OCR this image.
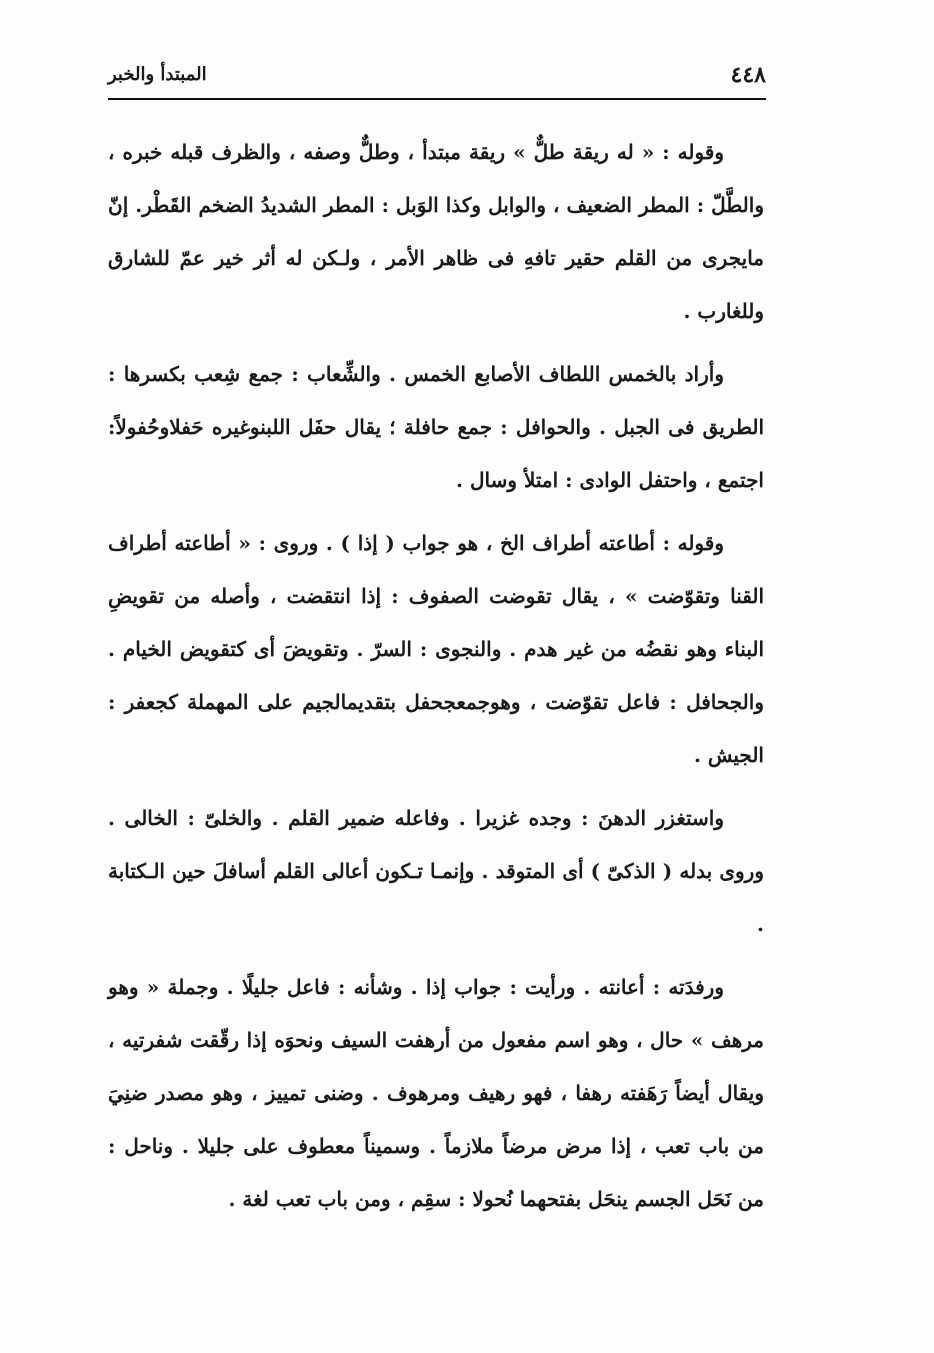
٤٤٨
المبتدأ والخبر

وقوله : « له ريقة طلٌّ » ريقة مبتدأ ، وطلٌّ وصفه ، والظرف قبله خبره ، والطَّلّ : المطر الضعيف ، والوابل وكذا الوَبل : المطر الشديدُ الضخم القَطْر. إنّ مايجرى من القلم حقير تافهِ فى ظاهر الأمر ، ولـكن له أثر خير عمّ للشارق وللغارب .

وأراد بالخمس اللطاف الأصابع الخمس . والشِّعاب : جمع شِعب بكسرها : الطريق فى الجبل . والحوافل : جمع حافلة ؛ يقال حفَل اللبنوغيره حَفلاوحُفولاً: اجتمع ، واحتفل الوادى : امتلأ وسال .

وقوله : أطاعته أطراف الخ ، هو جواب ( إذا ) . وروى : « أطاعته أطراف القنا وتقوّضت » ، يقال تقوضت الصفوف : إذا انتقضت ، وأصله من تقويضِ البناء وهو نقضُه من غير هدم . والنجوى : السرّ . وتقويضَ أى كتقويض الخيام . والجحافل : فاعل تقوّضت ، وهوجمعجحفل بتقديمالجيم على المهملة كجعفر : الجيش .

واستغزر الدهنَ : وجده غزيرا . وفاعله ضمير القلم . والخلىّ : الخالى . وروى بدله ( الذكىّ ) أى المتوقد . وإنمـا تـكون أعالى القلم أسافلَ حين الـكتابة .

ورفدَته : أعانته . ورأيت : جواب إذا . وشأنه : فاعل جليلًا . وجملة « وهو مرهف » حال ، وهو اسم مفعول من أرهفت السيف ونحوَه إذا رقّقت شفرتيه ، ويقال أيضاً رَهَفته رهفا ، فهو رهيف ومرهوف . وضنى تمييز ، وهو مصدر ضنِيَ من باب تعب ، إذا مرض مرضاً ملازماً . وسميناً معطوف على جليلا . وناحل : من نَحَل الجسم ينحَل بفتحهما نُحولا : سقِم ، ومن باب تعب لغة .
